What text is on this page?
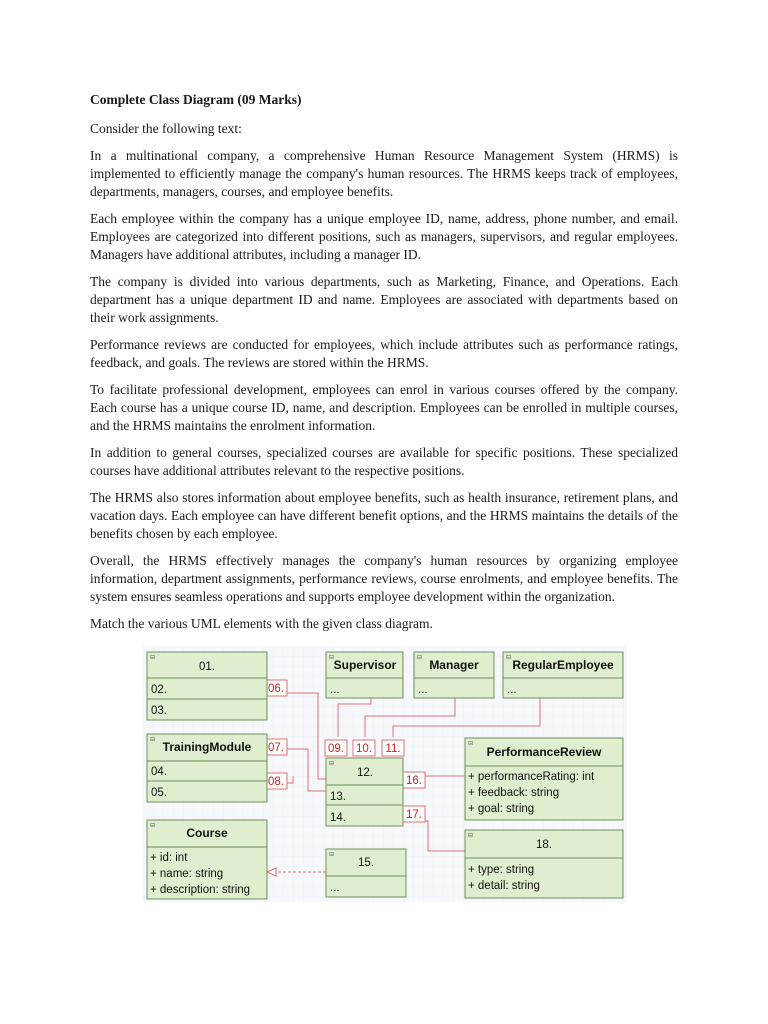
Complete Class Diagram (09 Marks)

Consider the following text:

In a multinational company, a comprehensive Human Resource Management System (HRMS) is implemented to efficiently manage the company's human resources. The HRMS keeps track of employees, departments, managers, courses, and employee benefits.

Each employee within the company has a unique employee ID, name, address, phone number, and email. Employees are categorized into different positions, such as managers, supervisors, and regular employees. Managers have additional attributes, including a manager ID.

The company is divided into various departments, such as Marketing, Finance, and Operations. Each department has a unique department ID and name. Employees are associated with departments based on their work assignments.

Performance reviews are conducted for employees, which include attributes such as performance ratings, feedback, and goals. The reviews are stored within the HRMS.

To facilitate professional development, employees can enrol in various courses offered by the company. Each course has a unique course ID, name, and description. Employees can be enrolled in multiple courses, and the HRMS maintains the enrolment information.

In addition to general courses, specialized courses are available for specific positions. These specialized courses have additional attributes relevant to the respective positions.

The HRMS also stores information about employee benefits, such as health insurance, retirement plans, and vacation days. Each employee can have different benefit options, and the HRMS maintains the details of the benefits chosen by each employee.

Overall, the HRMS effectively manages the company's human resources by organizing employee information, department assignments, performance reviews, course enrolments, and employee benefits. The system ensures seamless operations and supports employee development within the organization.

Match the various UML elements with the given class diagram.

06.
07.
08.
09. 10. 11.
16.
17.
⊟
01.
02.
03.
⊟ Supervisor
...
⊟ Manager
...
⊟ RegularEmployee
...
⊟ TrainingModule
04.
05.
⊟
12.
13.
14.
⊟
PerformanceReview
+ performanceRating: int
+ feedback: string
+ goal: string
⊟	Course
+ id: int
+ name: string
+ description: string
⊟
15.
...
⊟
18.
+ type: string
+ detail: string
